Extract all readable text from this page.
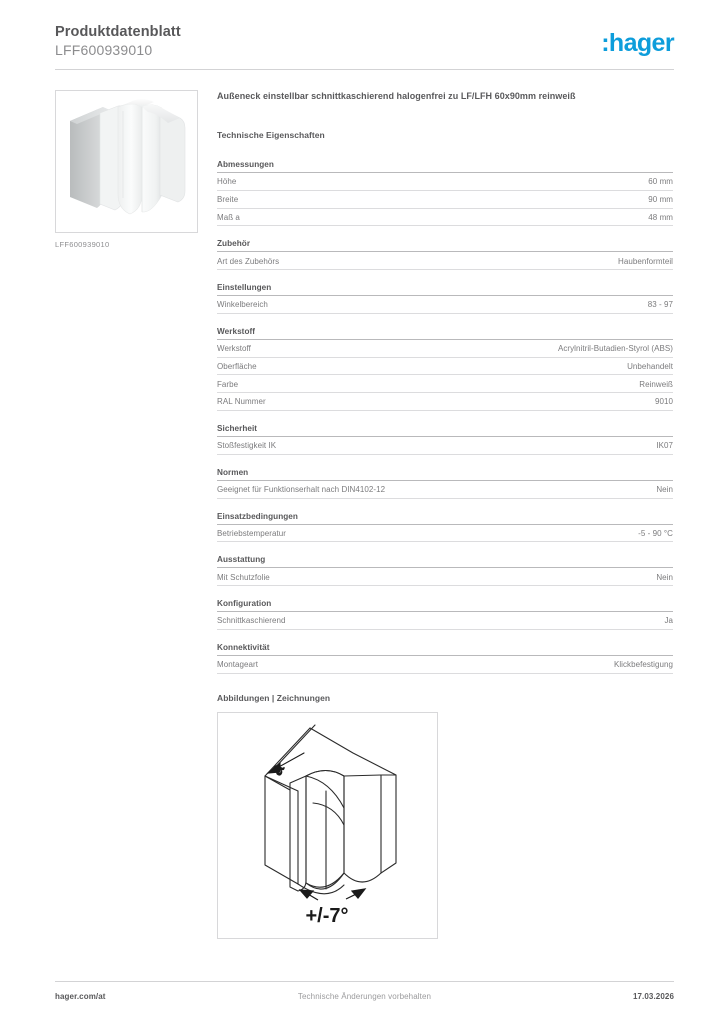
Produktdatenblatt
LFF600939010	:hager
LFF600939010
Außeneck einstellbar schnittkaschierend halogenfrei zu LF/LFH 60x90mm reinweiß
Technische Eigenschaften
Abmessungen
Höhe	60 mm
Breite	90 mm
Maß a	48 mm
Zubehör
Art des Zubehörs	Haubenformteil
Einstellungen
Winkelbereich	83 - 97
Werkstoff
Werkstoff	Acrylnitril-Butadien-Styrol (ABS)
Oberfläche	Unbehandelt
Farbe	Reinweiß
RAL Nummer	9010
Sicherheit
Stoßfestigkeit IK	IK07
Normen
Geeignet für Funktionserhalt nach DIN4102-12	Nein
Einsatzbedingungen
Betriebstemperatur	-5 - 90 °C
Ausstattung
Mit Schutzfolie	Nein
Konfiguration
Schnittkaschierend	Ja
Konnektivität
Montageart	Klickbefestigung
Abbildungen | Zeichnungen
a
+/-7°
hager.com/at	Technische Änderungen vorbehalten	17.03.2026
